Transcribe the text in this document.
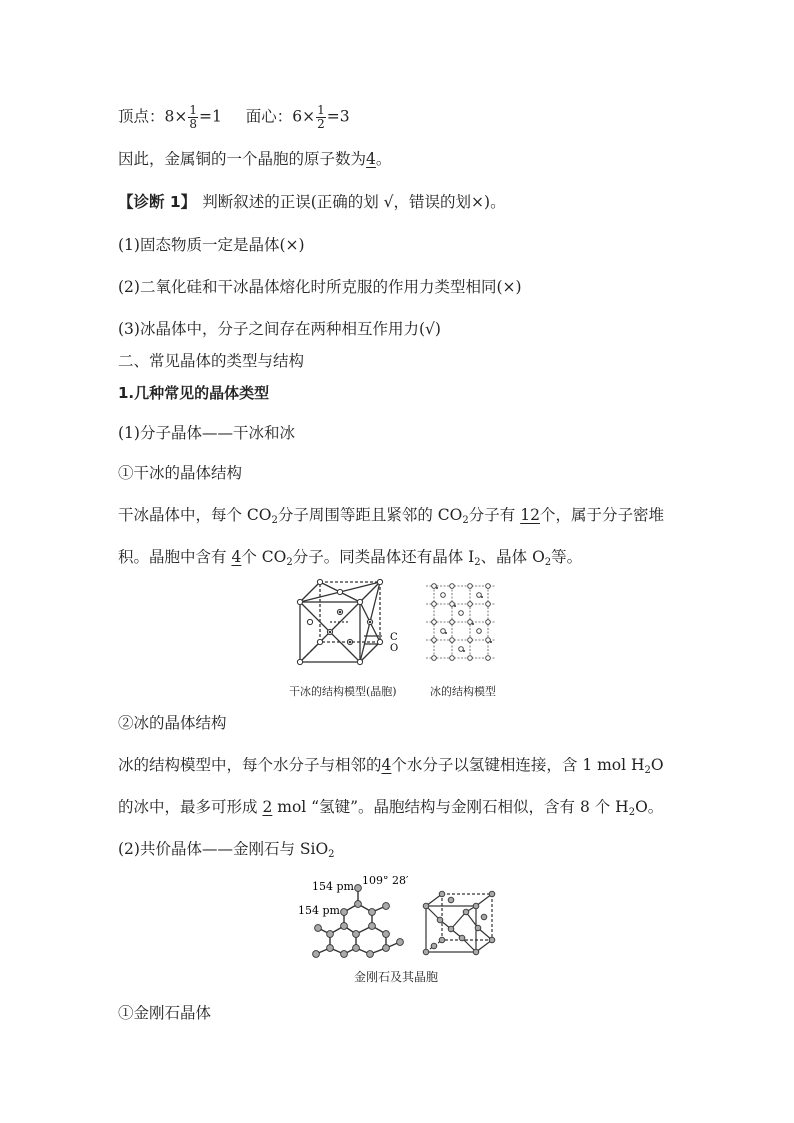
顶点：$8\times \frac{1}{8} =1$ 面心：$6\times \frac{1}{2} =3$
因此，金属铜的一个晶胞的原子数为4。
【诊断 1】 判断叙述的正误(正确的划 √，错误的划×)。
(1)固态物质一定是晶体(×)
(2)二氧化硅和干冰晶体熔化时所克服的作用力类型相同(×)
(3)冰晶体中，分子之间存在两种相互作用力(√)
二、常见晶体的类型与结构
1.几种常见的晶体类型
(1)分子晶体——干冰和冰
①干冰的晶体结构
干冰晶体中，每个 $CO_2$分子周围等距且紧邻的 $CO_2$分子有 12个，属于分子密堆
积。晶胞中含有 4个 $CO_2$分子。同类晶体还有晶体 $I_2$、晶体 $O_2$等。
C
O
干冰的结构模型(晶胞)	冰的结构模型
②冰的晶体结构
冰的结构模型中，每个水分子与相邻的4个水分子以氢键相连接，含 1 mol $H_2O$
的冰中，最多可形成 2 mol “氢键”。晶胞结构与金刚石相似，含有 8 个 $H_2O$。
(2)共价晶体——金刚石与 SiO$_2$
154 pm 109° 28′
154 pm
金刚石及其晶胞
①金刚石晶体
